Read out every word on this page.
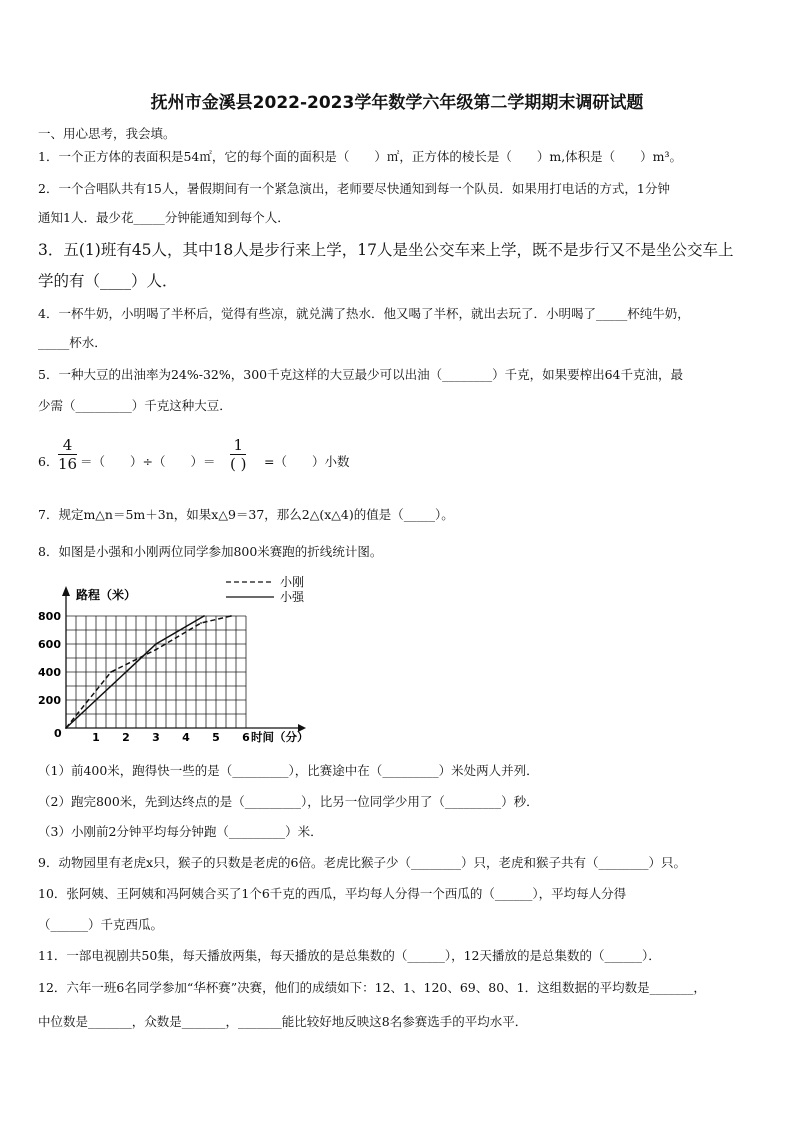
抚州市金溪县2022-2023学年数学六年级第二学期期末调研试题
一、用心思考，我会填。
1．一个正方体的表面积是54㎡，它的每个面的面积是（　　）㎡，正方体的棱长是（　　）m,体积是（　　）m³。
2．一个合唱队共有15人，暑假期间有一个紧急演出，老师要尽快通知到每一个队员．如果用打电话的方式，1分钟
通知1人．最少花_____分钟能通知到每个人．
3．五(1)班有45人，其中18人是步行来上学，17人是坐公交车来上学，既不是步行又不是坐公交车上
学的有（____）人．
4．一杯牛奶，小明喝了半杯后，觉得有些凉，就兑满了热水．他又喝了半杯，就出去玩了．小明喝了_____杯纯牛奶，
_____杯水．
5．一种大豆的出油率为24%-32%，300千克这样的大豆最少可以出油（________）千克，如果要榨出64千克油，最
少需（_________）千克这种大豆．
6． $\frac{4}{16}$ ＝（　　）÷（　　）＝
1
( ) =（　　）小数
7．规定m△n＝5m＋3n，如果x△9＝37，那么2△(x△4)的值是（_____）。
8．如图是小强和小刚两位同学参加800米赛跑的折线统计图。
1 2 3 4 5 6
200
400
600
800
小刚
小强
路程（米）
时间（分）
0
（1）前400米，跑得快一些的是（_________），比赛途中在（_________）米处两人并列．
（2）跑完800米，先到达终点的是（_________），比另一位同学少用了（_________）秒．
（3）小刚前2分钟平均每分钟跑（_________）米．
9．动物园里有老虎x只，猴子的只数是老虎的6倍。老虎比猴子少（________）只，老虎和猴子共有（________）只。
10．张阿姨、王阿姨和冯阿姨合买了1个6千克的西瓜，平均每人分得一个西瓜的（______），平均每人分得
（______）千克西瓜。
11．一部电视剧共50集，每天播放两集，每天播放的是总集数的（______），12天播放的是总集数的（______）．
12．六年一班6名同学参加“华杯赛”决赛，他们的成绩如下：12、1、120、69、80、1．这组数据的平均数是_______，
中位数是_______，众数是_______，_______能比较好地反映这8名参赛选手的平均水平．
